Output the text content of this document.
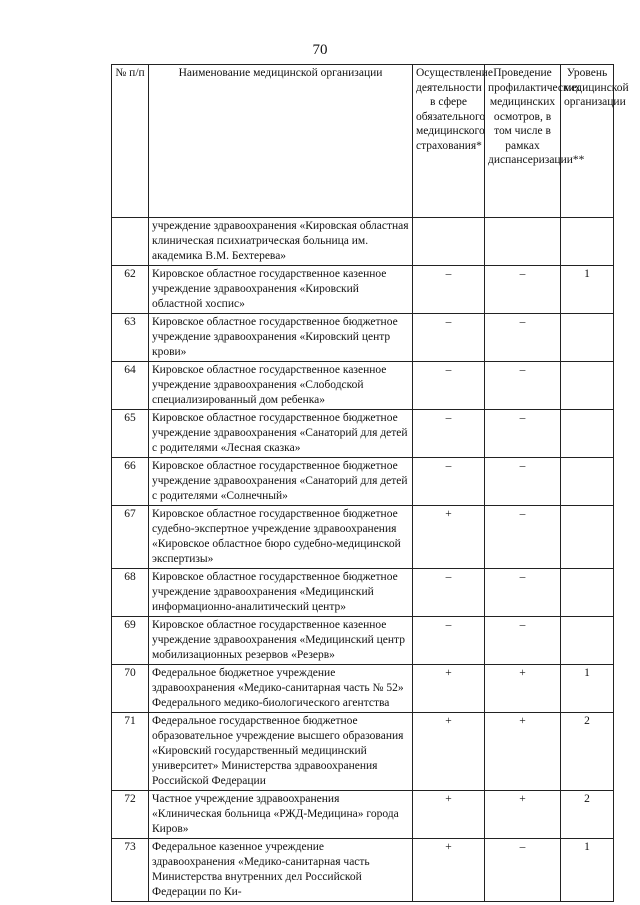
70
№ п/п	Наименование медицинской организации	Осуществление деятельности в сфере обязательного медицинского страхования*	Проведение профилактических медицинских осмотров, в том числе в рамках диспансеризации**	Уровень медицинской организации
	учреждение здравоохранения «Кировская областная клиническая психиатрическая больница им. академика В.М. Бехтерева»			
62	Кировское областное государственное казенное учреждение здравоохранения «Кировский областной хоспис»	–	–	1
63	Кировское областное государственное бюджетное учреждение здравоохранения «Кировский центр крови»	–	–	
64	Кировское областное государственное казенное учреждение здравоохранения «Слободской специализированный дом ребенка»	–	–	
65	Кировское областное государственное бюджетное учреждение здравоохранения «Санаторий для детей с родителями «Лесная сказка»	–	–	
66	Кировское областное государственное бюджетное учреждение здравоохранения «Санаторий для детей с родителями «Солнечный»	–	–	
67	Кировское областное государственное бюджетное судебно-экспертное учреждение здравоохранения «Кировское областное бюро судебно-медицинской экспертизы»	+	–	
68	Кировское областное государственное бюджетное учреждение здравоохранения «Медицинский информационно-аналитический центр»	–	–	
69	Кировское областное государственное казенное учреждение здравоохранения «Медицинский центр мобилизационных резервов «Резерв»	–	–	
70	Федеральное бюджетное учреждение здравоохранения «Медико-санитарная часть № 52» Федерального медико-биологического агентства	+	+	1
71	Федеральное государственное бюджетное образовательное учреждение высшего образования «Кировский государственный медицинский университет» Министерства здравоохранения Российской Федерации	+	+	2
72	Частное учреждение здравоохранения «Клиническая больница «РЖД-Медицина» города Киров»	+	+	2
73	Федеральное казенное учреждение здравоохранения «Медико-санитарная часть Министерства внутренних дел Российской Федерации по Ки-	+	–	1
